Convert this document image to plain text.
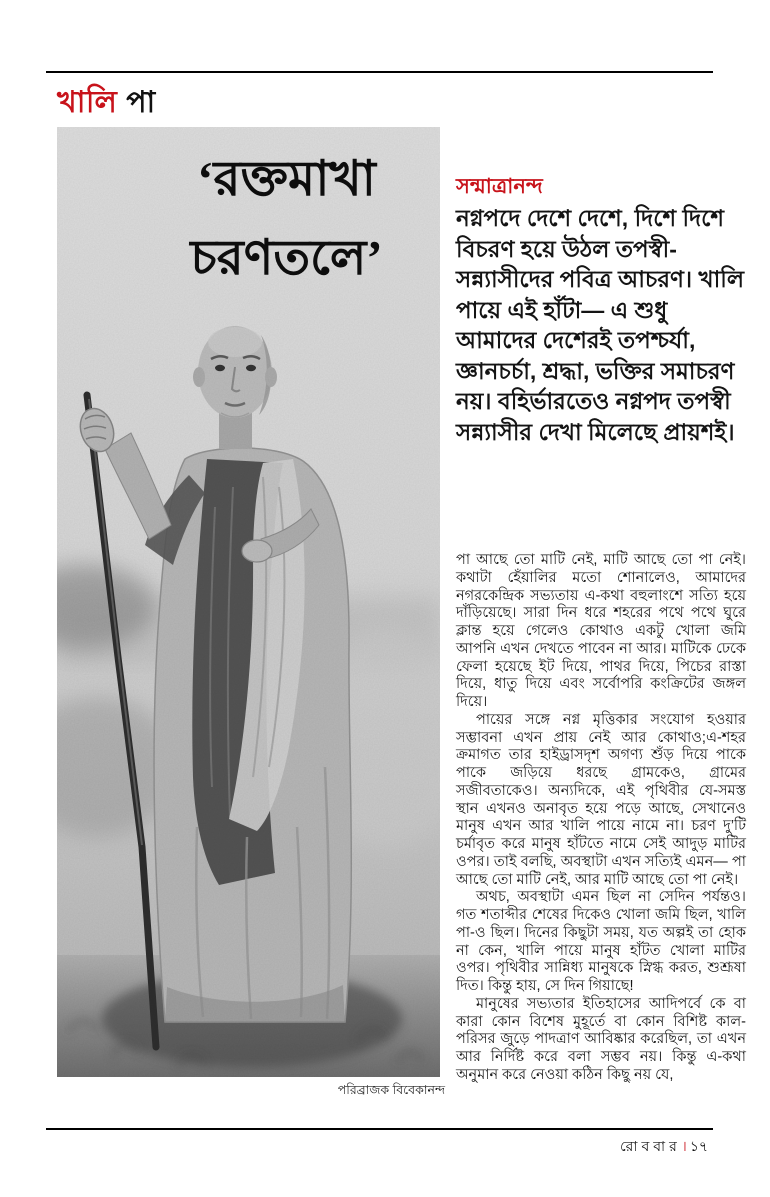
খালি পা
‘রক্তমাখা
চরণতলে’
পরিব্রাজক বিবেকানন্দ
সন্মাত্রানন্দ

নগ্নপদে দেশে দেশে, দিশে দিশে বিচরণ হয়ে উঠল তপস্বী-সন্ন্যাসীদের পবিত্র আচরণ। খালি পায়ে এই হাঁটা— এ শুধু আমাদের দেশেরই তপশ্চর্যা, জ্ঞানচর্চা, শ্রদ্ধা, ভক্তির সমাচরণ নয়। বহির্ভারতেও নগ্নপদ তপস্বী সন্ন্যাসীর দেখা মিলেছে প্রায়শই।

পা আছে তো মাটি নেই, মাটি আছে তো পা নেই। কথাটা হেঁয়ালির মতো শোনালেও, আমাদের নগরকেন্দ্রিক সভ্যতায় এ-কথা বহুলাংশে সত্যি হয়ে দাঁড়িয়েছে। সারা দিন ধরে শহরের পথে পথে ঘুরে ক্লান্ত হয়ে গেলেও কোথাও একটু খোলা জমি আপনি এখন দেখতে পাবেন না আর। মাটিকে ঢেকে ফেলা হয়েছে ইট দিয়ে, পাথর দিয়ে, পিচের রাস্তা দিয়ে, ধাতু দিয়ে এবং সর্বোপরি কংক্রিটের জঙ্গল দিয়ে।

পায়ের সঙ্গে নগ্ন মৃত্তিকার সংযোগ হওয়ার সম্ভাবনা এখন প্রায় নেই আর কোথাও;এ-শহর ক্রমাগত তার হাইড্রাসদৃশ অগণ্য শুঁড় দিয়ে পাকে পাকে জড়িয়ে ধরছে গ্রামকেও, গ্রামের সজীবতাকেও। অন্যদিকে, এই পৃথিবীর যে-সমস্ত স্থান এখনও অনাবৃত হয়ে পড়ে আছে, সেখানেও মানুষ এখন আর খালি পায়ে নামে না। চরণ দু’টি চর্মাবৃত করে মানুষ হাঁটতে নামে সেই আদুড় মাটির ওপর। তাই বলছি, অবস্থাটা এখন সত্যিই এমন— পা আছে তো মাটি নেই, আর মাটি আছে তো পা নেই।

অথচ, অবস্থাটা এমন ছিল না সেদিন পর্যন্তও। গত শতাব্দীর শেষের দিকেও খোলা জমি ছিল, খালি পা-ও ছিল। দিনের কিছুটা সময়, যত অল্পই তা হোক না কেন, খালি পায়ে মানুষ হাঁটত খোলা মাটির ওপর। পৃথিবীর সান্নিধ্য মানুষকে স্নিগ্ধ করত, শুশ্রূষা দিত। কিন্তু হায়, সে দিন গিয়াছে!

মানুষের সভ্যতার ইতিহাসের আদিপর্বে কে বা কারা কোন বিশেষ মুহূর্তে বা কোন বিশিষ্ট কাল-পরিসর জুড়ে পাদত্রাণ আবিষ্কার করেছিল, তা এখন আর নির্দিষ্ট করে বলা সম্ভব নয়। কিন্তু এ-কথা অনুমান করে নেওয়া কঠিন কিছু নয় যে,

রোববার। ১৭
